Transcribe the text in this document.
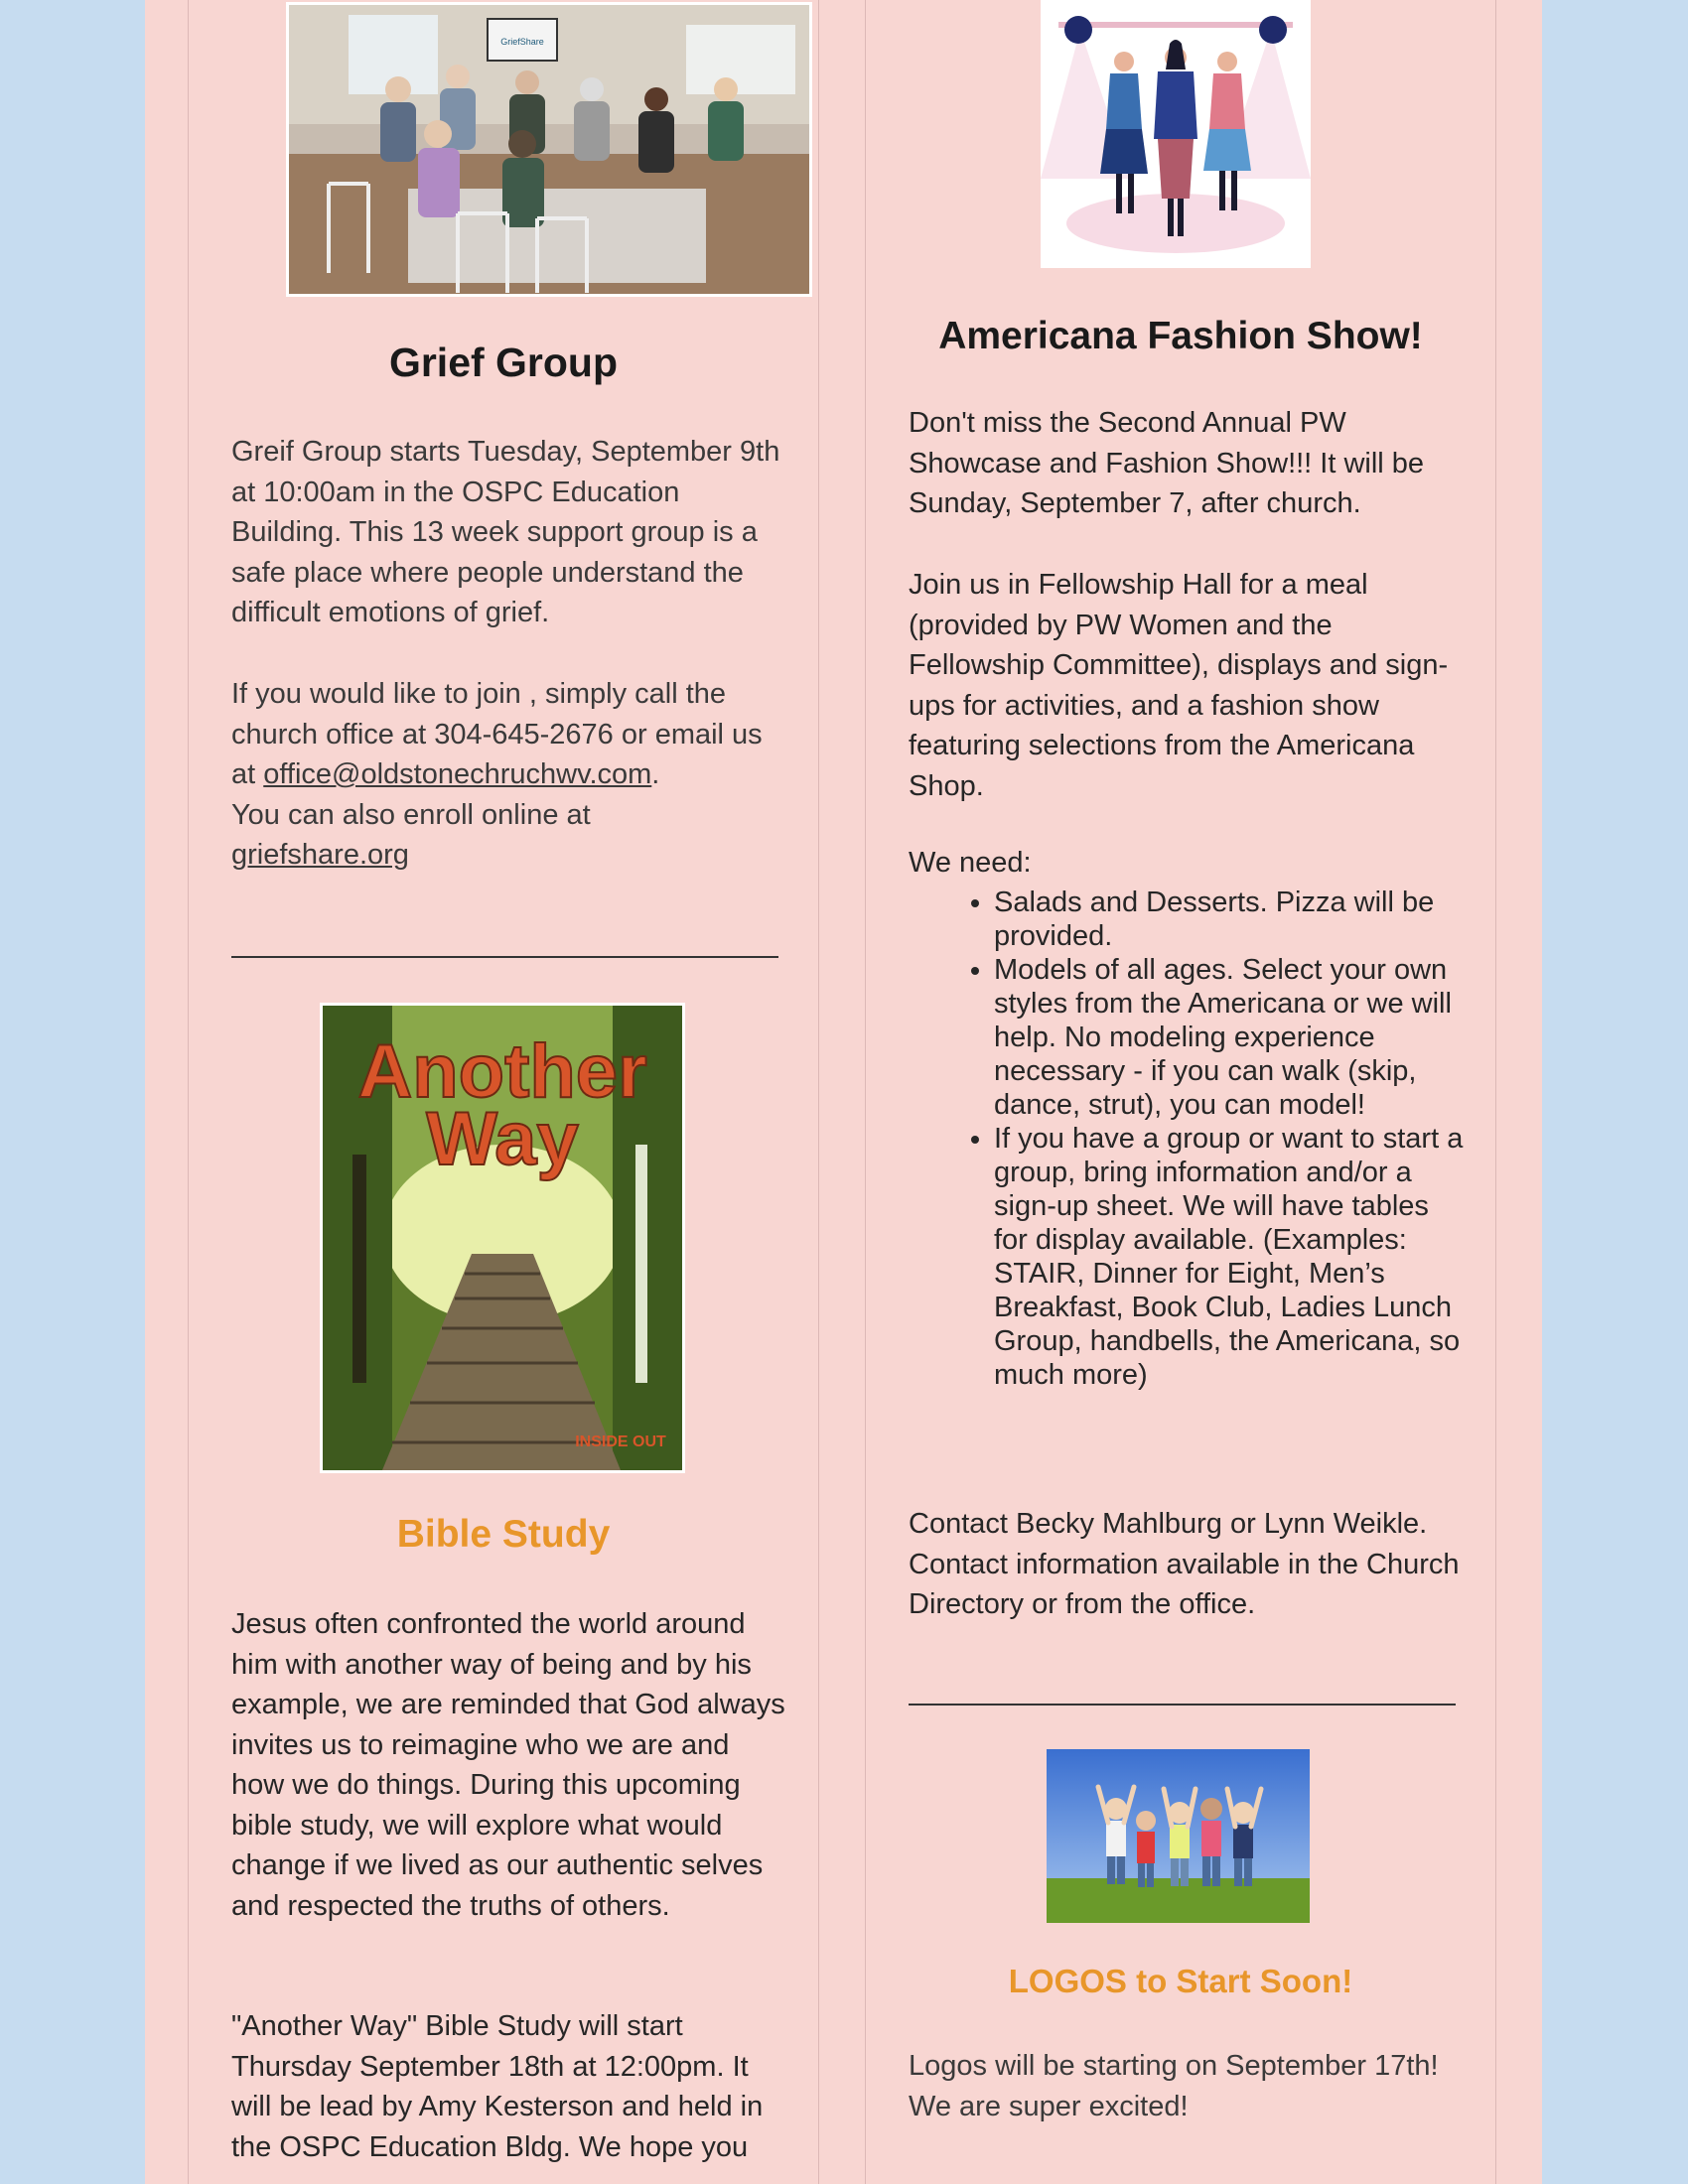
GriefShare
Grief Group

Greif Group starts Tuesday, September 9th at 10:00am in the OSPC Education Building. This 13 week support group is a safe place where people understand the difficult emotions of grief.

If you would like to join , simply call the church office at 304-645-2676 or email us at office@oldstonechruchwv.com.
You can also enroll online at
griefshare.org

Another
Way
INSIDE OUT
Bible Study

Jesus often confronted the world around him with another way of being and by his example, we are reminded that God always invites us to reimagine who we are and how we do things. During this upcoming bible study, we will explore what would change if we lived as our authentic selves and respected the truths of others.

"Another Way" Bible Study will start Thursday September 18th at 12:00pm. It will be lead by Amy Kesterson and held in the OSPC Education Bldg. We hope you

Americana Fashion Show!

Don't miss the Second Annual PW Showcase and Fashion Show!!! It will be Sunday, September 7, after church.

Join us in Fellowship Hall for a meal (provided by PW Women and the Fellowship Committee), displays and sign-ups for activities, and a fashion show featuring selections from the Americana Shop.

We need:

• Salads and Desserts. Pizza will be provided.
• Models of all ages. Select your own styles from the Americana or we will help. No modeling experience necessary - if you can walk (skip, dance, strut), you can model!
• If you have a group or want to start a group, bring information and/or a sign-up sheet. We will have tables for display available. (Examples: STAIR, Dinner for Eight, Men’s Breakfast, Book Club, Ladies Lunch Group, handbells, the Americana, so much more)

Contact Becky Mahlburg or Lynn Weikle. Contact information available in the Church Directory or from the office.

LOGOS to Start Soon!

Logos will be starting on September 17th! We are super excited!
